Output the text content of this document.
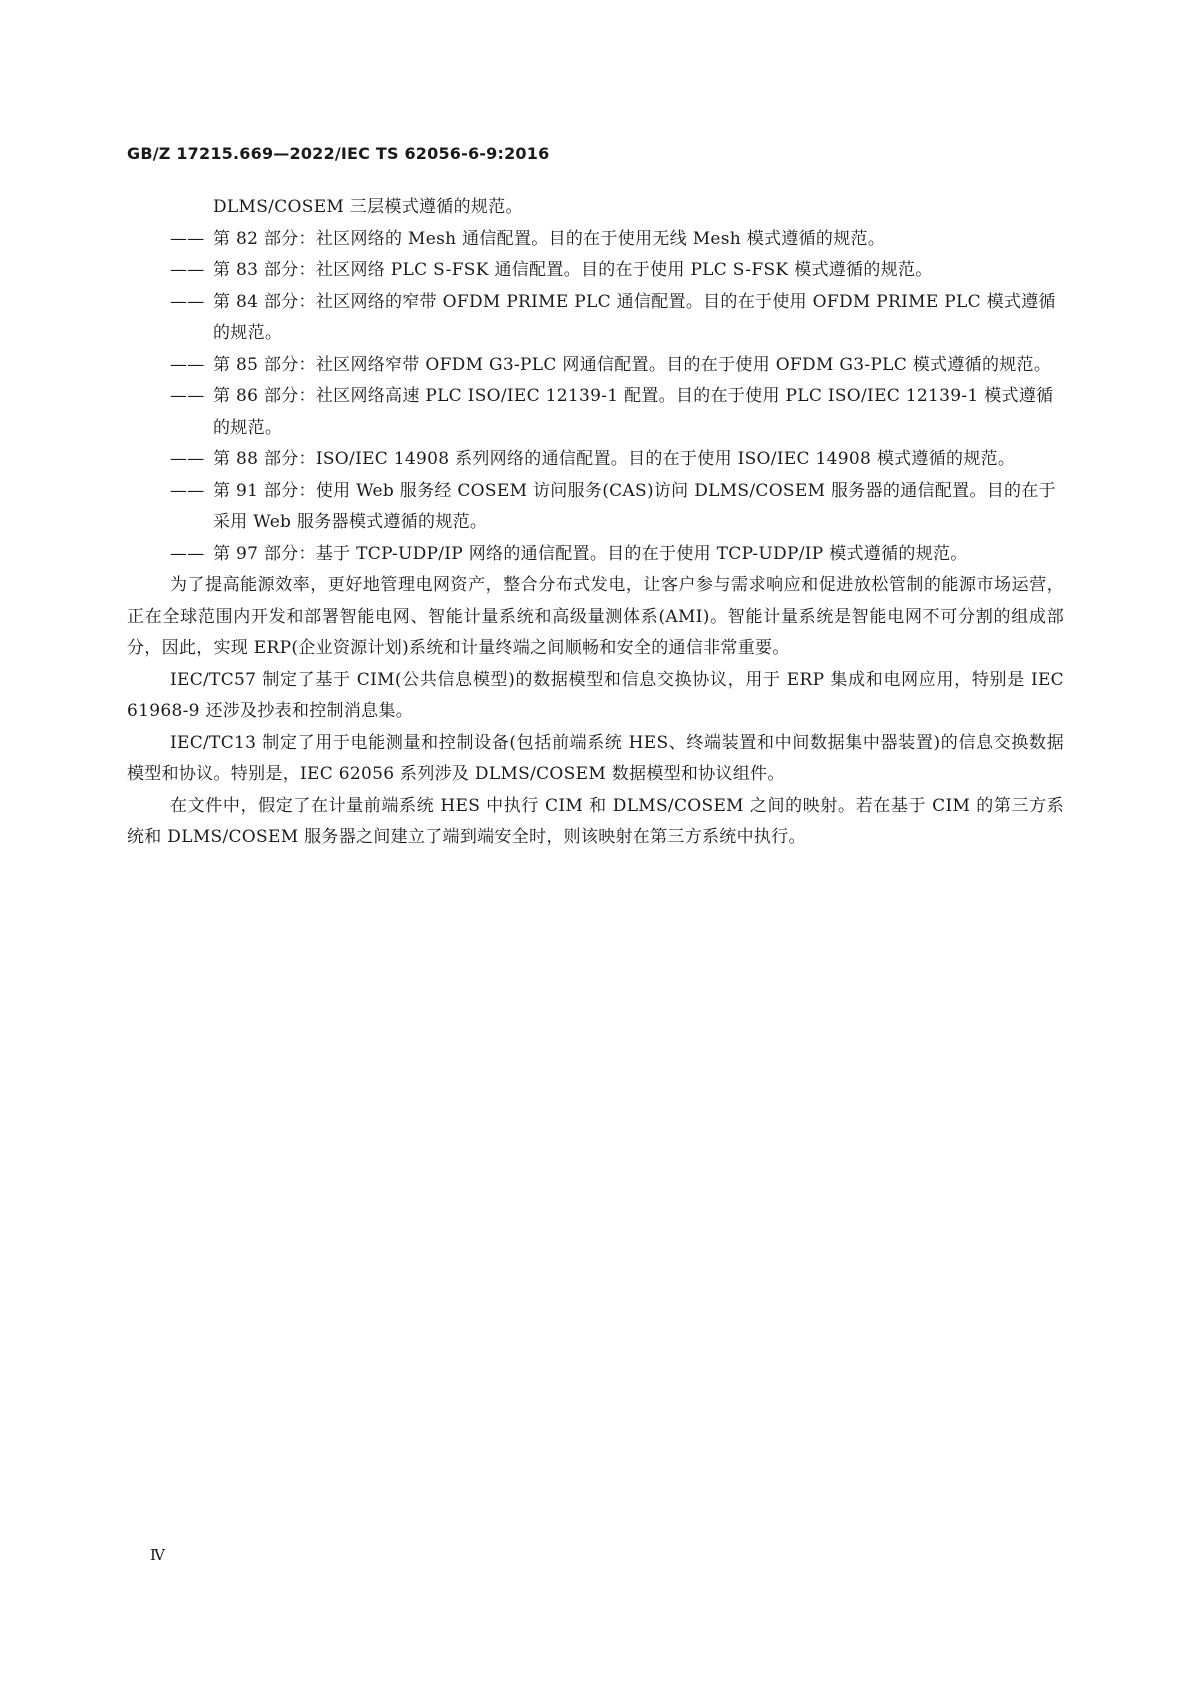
GB/Z 17215.669—2022/IEC TS 62056-6-9:2016
DLMS/COSEM 三层模式遵循的规范。
—— 第 82 部分：社区网络的 Mesh 通信配置。目的在于使用无线 Mesh 模式遵循的规范。
—— 第 83 部分：社区网络 PLC S-FSK 通信配置。目的在于使用 PLC S-FSK 模式遵循的规范。
—— 第 84 部分：社区网络的窄带 OFDM PRIME PLC 通信配置。目的在于使用 OFDM PRIME PLC 模式遵循的规范。
—— 第 85 部分：社区网络窄带 OFDM G3-PLC 网通信配置。目的在于使用 OFDM G3-PLC 模式遵循的规范。
—— 第 86 部分：社区网络高速 PLC ISO/IEC 12139-1 配置。目的在于使用 PLC ISO/IEC 12139-1 模式遵循的规范。
—— 第 88 部分：ISO/IEC 14908 系列网络的通信配置。目的在于使用 ISO/IEC 14908 模式遵循的规范。
—— 第 91 部分：使用 Web 服务经 COSEM 访问服务(CAS)访问 DLMS/COSEM 服务器的通信配置。目的在于采用 Web 服务器模式遵循的规范。
—— 第 97 部分：基于 TCP-UDP/IP 网络的通信配置。目的在于使用 TCP-UDP/IP 模式遵循的规范。
为了提高能源效率，更好地管理电网资产，整合分布式发电，让客户参与需求响应和促进放松管制的能源市场运营，正在全球范围内开发和部署智能电网、智能计量系统和高级量测体系(AMI)。智能计量系统是智能电网不可分割的组成部分，因此，实现 ERP(企业资源计划)系统和计量终端之间顺畅和安全的通信非常重要。
IEC/TC57 制定了基于 CIM(公共信息模型)的数据模型和信息交换协议，用于 ERP 集成和电网应用，特别是 IEC 61968-9 还涉及抄表和控制消息集。
IEC/TC13 制定了用于电能测量和控制设备(包括前端系统 HES、终端装置和中间数据集中器装置)的信息交换数据模型和协议。特别是，IEC 62056 系列涉及 DLMS/COSEM 数据模型和协议组件。
在文件中，假定了在计量前端系统 HES 中执行 CIM 和 DLMS/COSEM 之间的映射。若在基于 CIM 的第三方系统和 DLMS/COSEM 服务器之间建立了端到端安全时，则该映射在第三方系统中执行。
Ⅳ
